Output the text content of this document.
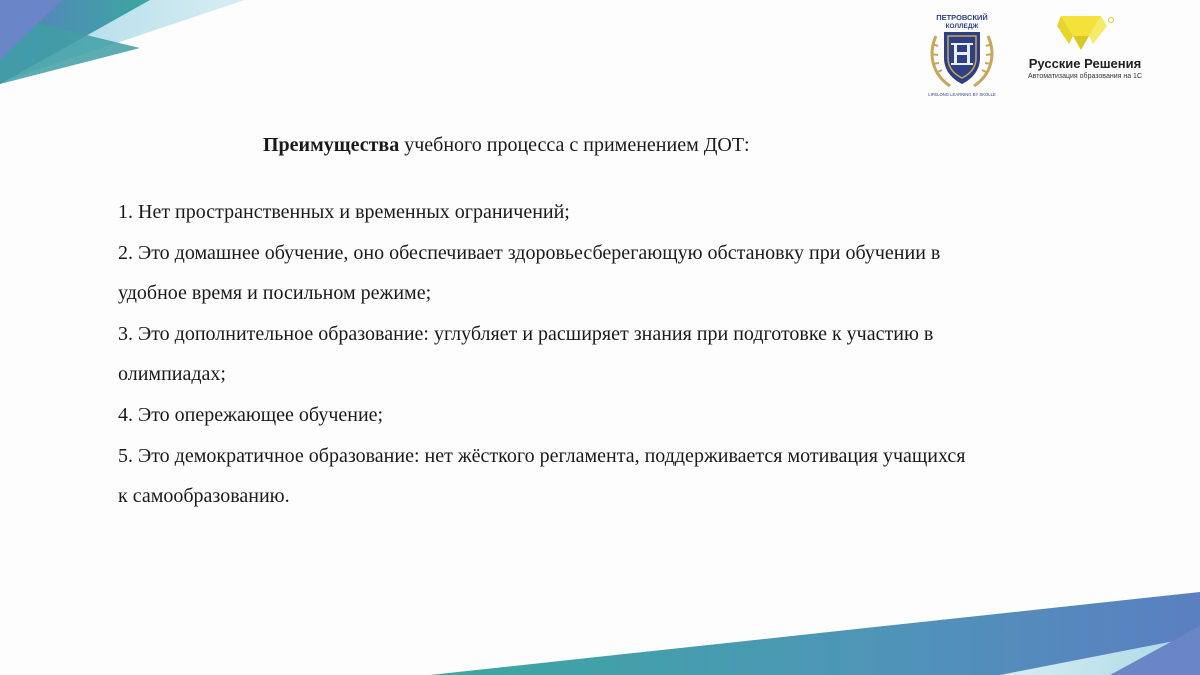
ПЕТРОВСКИЙ
КОЛЛЕДЖ
LIFELONG LEARNING BY SKOLLE
Русские Решения
Автоматизация образования на 1С
Преимущества учебного процесса с применением ДОТ:

1. Нет пространственных и временных ограничений;

2. Это домашнее обучение, оно обеспечивает здоровьесберегающую обстановку при обучении в удобное время и посильном режиме;

3. Это дополнительное образование: углубляет и расширяет знания при подготовке к участию в олимпиадах;

4. Это опережающее обучение;

5. Это демократичное образование: нет жёсткого регламента, поддерживается мотивация учащихся к самообразованию.
